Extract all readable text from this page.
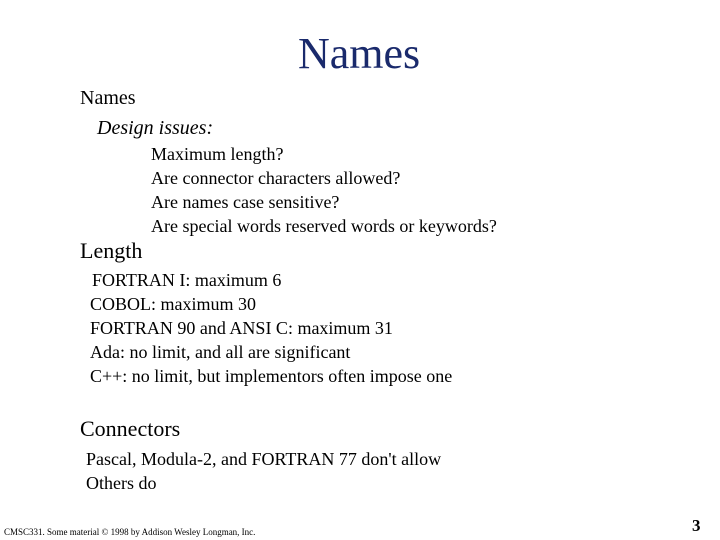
Names
Names
Design issues:
Maximum length?
Are connector characters allowed?
Are names case sensitive?
Are special words reserved words or keywords?
Length
FORTRAN I: maximum 6
COBOL: maximum 30
FORTRAN 90 and ANSI C: maximum 31
Ada: no limit, and all are significant
C++: no limit, but implementors often impose one
Connectors
Pascal, Modula-2, and FORTRAN 77 don't allow
Others do
CMSC331. Some material © 1998 by Addison Wesley Longman, Inc.	3
